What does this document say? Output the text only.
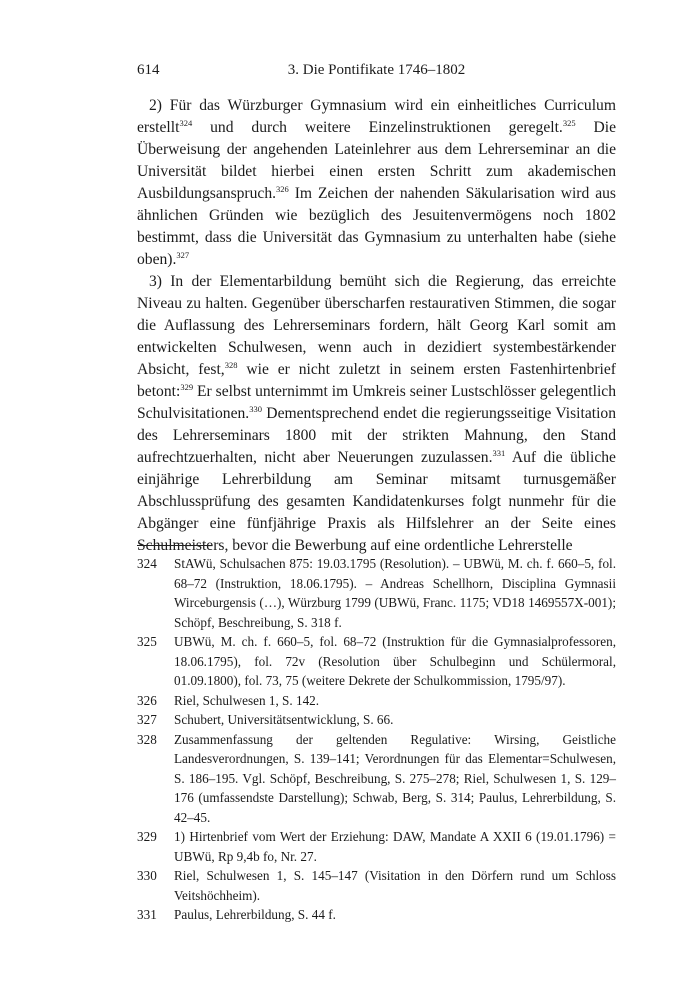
614	3. Die Pontifikate 1746–1802

2) Für das Würzburger Gymnasium wird ein einheitliches Curriculum erstellt$^{324}$ und durch weitere Einzelinstruktionen geregelt.$^{325}$ Die Überweisung der angehenden Lateinlehrer aus dem Lehrerseminar an die Universität bildet hierbei einen ersten Schritt zum akademischen Ausbildungsanspruch.$^{326}$ Im Zeichen der nahenden Säkularisation wird aus ähnlichen Gründen wie bezüglich des Jesuitenvermögens noch 1802 bestimmt, dass die Universität das Gymnasium zu unterhalten habe (siehe oben).$^{327}$

3) In der Elementarbildung bemüht sich die Regierung, das erreichte Niveau zu halten. Gegenüber überscharfen restaurativen Stimmen, die sogar die Auflassung des Lehrerseminars fordern, hält Georg Karl somit am entwickelten Schulwesen, wenn auch in dezidiert systembestärkender Absicht, fest,$^{328}$ wie er nicht zuletzt in seinem ersten Fastenhirtenbrief betont:$^{329}$ Er selbst unternimmt im Umkreis seiner Lustschlösser gelegentlich Schulvisitationen.$^{330}$ Dementsprechend endet die regierungsseitige Visitation des Lehrerseminars 1800 mit der strikten Mahnung, den Stand aufrechtzuerhalten, nicht aber Neuerungen zuzulassen.$^{331}$ Auf die übliche einjährige Lehrerbildung am Seminar mitsamt turnusgemäßer Abschlussprüfung des gesamten Kandidatenkurses folgt nunmehr für die Abgänger eine fünfjährige Praxis als Hilfslehrer an der Seite eines Schulmeisters, bevor die Bewerbung auf eine ordentliche Lehrerstelle

324	StAWü, Schulsachen 875: 19.03.1795 (Resolution). – UBWü, M. ch. f. 660–5, fol. 68–72 (Instruktion, 18.06.1795). – Andreas Schellhorn, Disciplina Gymnasii Wirceburgensis (…), Würzburg 1799 (UBWü, Franc. 1175; VD18 1469557X-001); Schöpf, Beschreibung, S. 318 f.
325	UBWü, M. ch. f. 660–5, fol. 68–72 (Instruktion für die Gymnasialprofessoren, 18.06.1795), fol. 72v (Resolution über Schulbeginn und Schülermoral, 01.09.1800), fol. 73, 75 (weitere Dekrete der Schulkommission, 1795/97).
326	Riel, Schulwesen 1, S. 142.
327	Schubert, Universitätsentwicklung, S. 66.
328	Zusammenfassung der geltenden Regulative: Wirsing, Geistliche Landesverordnungen, S. 139–141; Verordnungen für das Elementar=Schulwesen, S. 186–195. Vgl. Schöpf, Beschreibung, S. 275–278; Riel, Schulwesen 1, S. 129–176 (umfassendste Darstellung); Schwab, Berg, S. 314; Paulus, Lehrerbildung, S. 42–45.
329	1) Hirtenbrief vom Wert der Erziehung: DAW, Mandate A XXII 6 (19.01.1796) = UBWü, Rp 9,4b fo, Nr. 27.
330	Riel, Schulwesen 1, S. 145–147 (Visitation in den Dörfern rund um Schloss Veitshöchheim).
331	Paulus, Lehrerbildung, S. 44 f.
